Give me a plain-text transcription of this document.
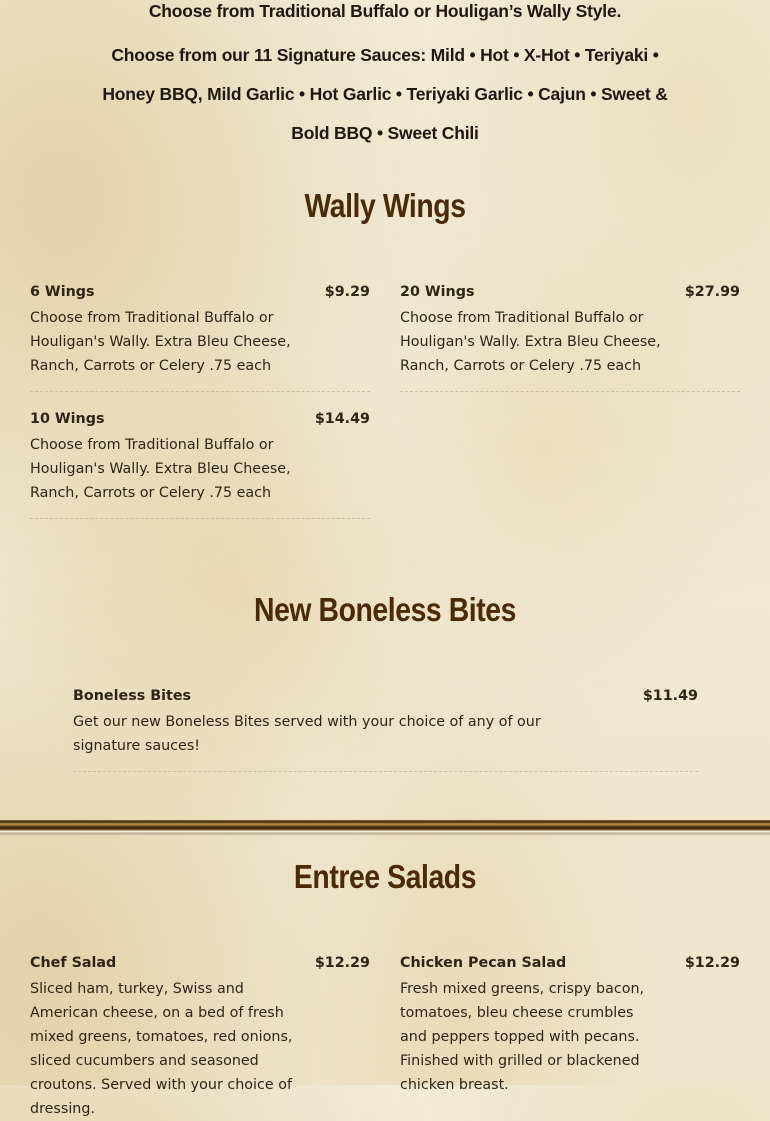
Choose from Traditional Buffalo or Houligan’s Wally Style.
Choose from our 11 Signature Sauces: Mild • Hot • X-Hot • Teriyaki • Honey BBQ, Mild Garlic • Hot Garlic • Teriyaki Garlic • Cajun • Sweet & Bold BBQ • Sweet Chili
Wally Wings
6 Wings	$9.29
Choose from Traditional Buffalo or Houligan's Wally. Extra Bleu Cheese, Ranch, Carrots or Celery .75 each
20 Wings	$27.99
Choose from Traditional Buffalo or Houligan's Wally. Extra Bleu Cheese, Ranch, Carrots or Celery .75 each
10 Wings	$14.49
Choose from Traditional Buffalo or Houligan's Wally. Extra Bleu Cheese, Ranch, Carrots or Celery .75 each
New Boneless Bites
Boneless Bites	$11.49
Get our new Boneless Bites served with your choice of any of our signature sauces!
Entree Salads
Chef Salad	$12.29
Sliced ham, turkey, Swiss and American cheese, on a bed of fresh mixed greens, tomatoes, red onions, sliced cucumbers and seasoned croutons. Served with your choice of dressing.
Chicken Pecan Salad	$12.29
Fresh mixed greens, crispy bacon, tomatoes, bleu cheese crumbles and peppers topped with pecans. Finished with grilled or blackened chicken breast.
